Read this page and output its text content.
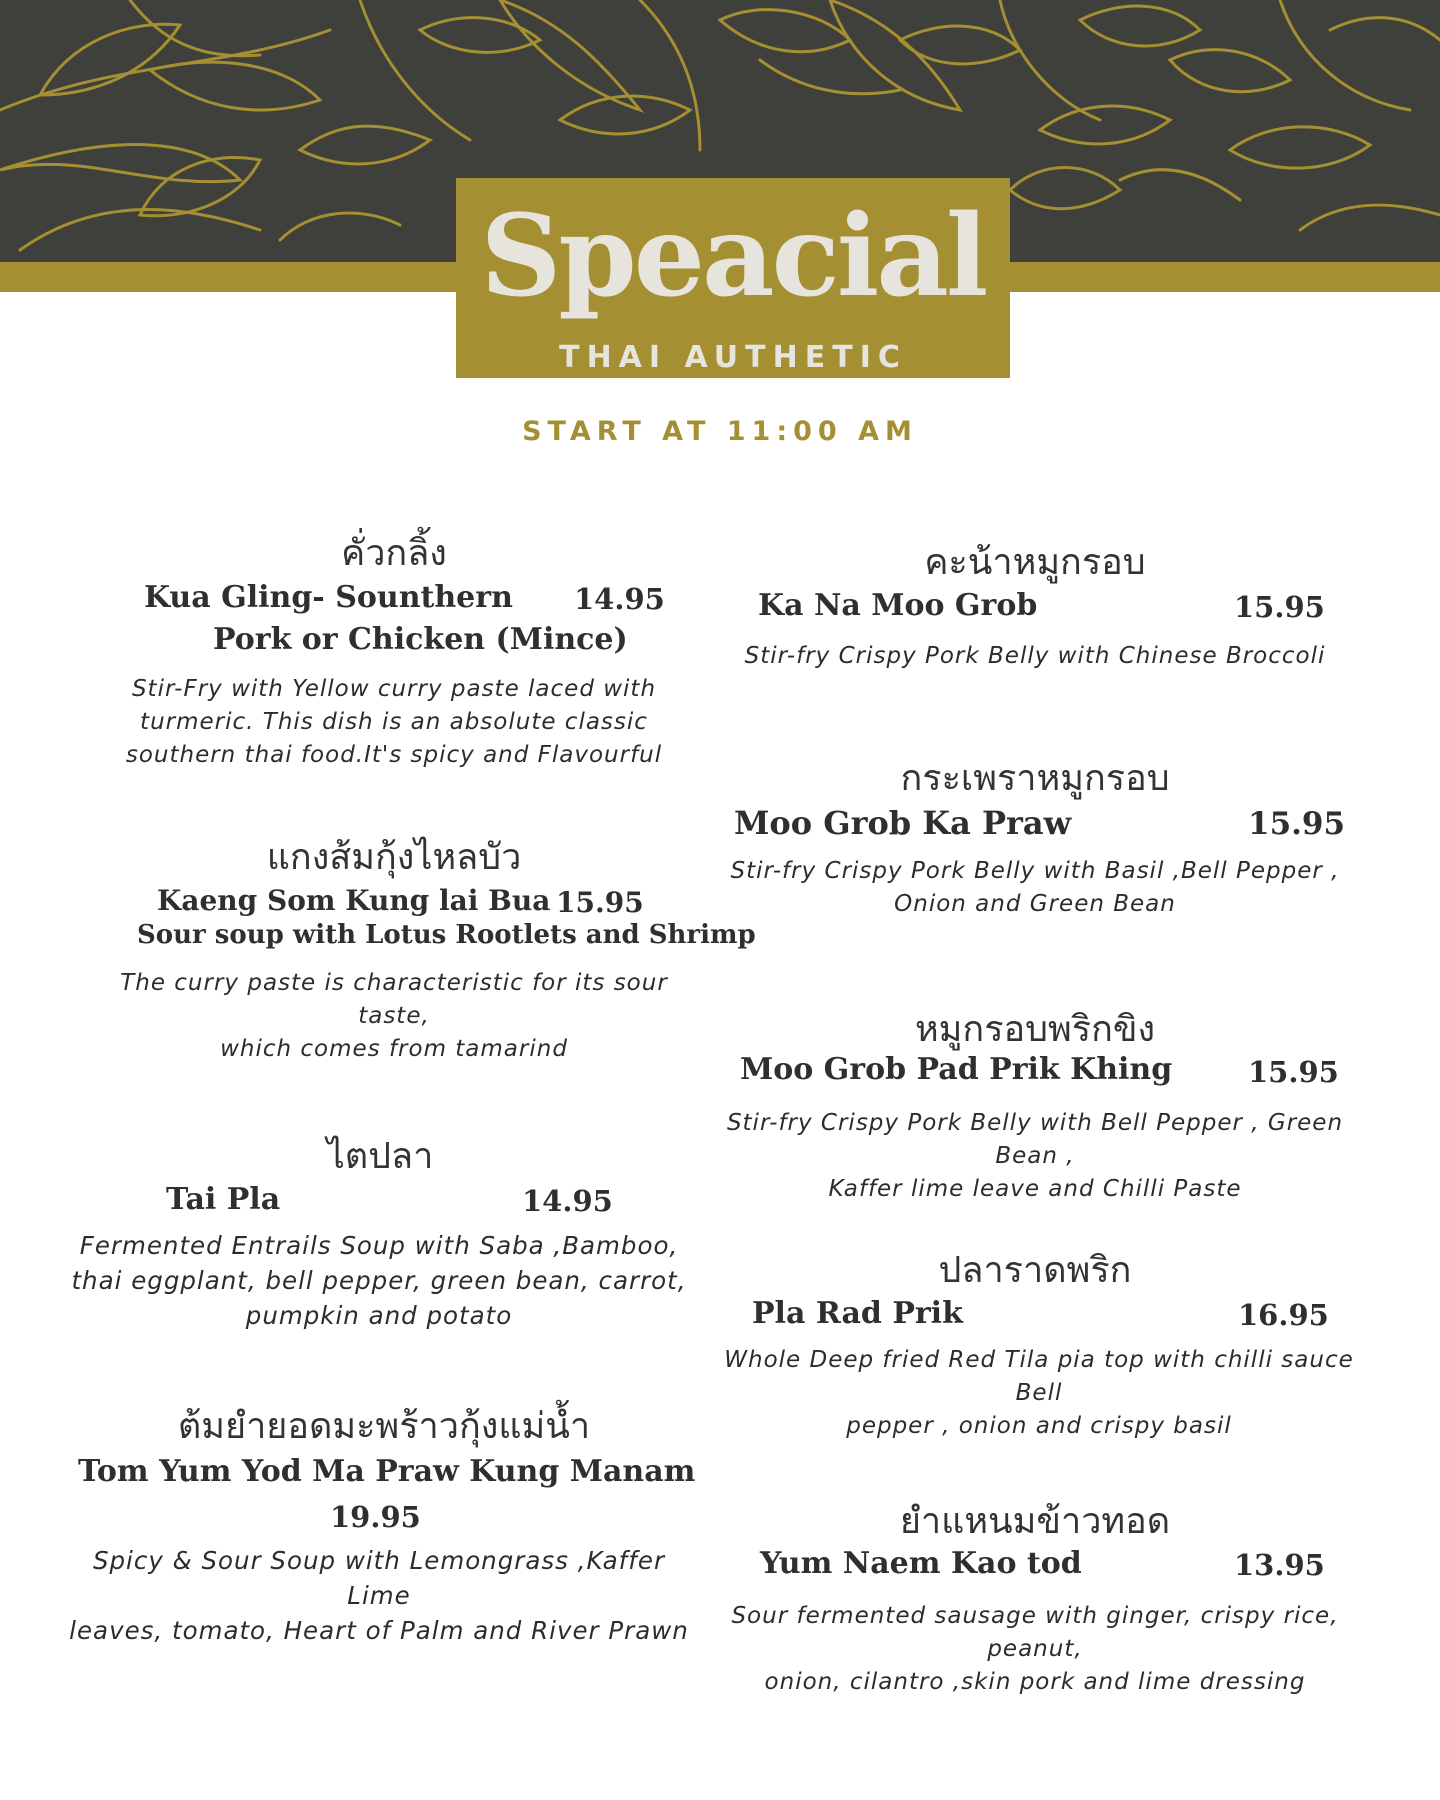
Speacial
THAI AUTHETIC
START AT 11:00 AM
คั่วกลิ้ง
Kua Gling- Sounthern 14.95
Pork or Chicken (Mince)
Stir-Fry with Yellow curry paste laced with
turmeric. This dish is an absolute classic
southern thai food.It's spicy and Flavourful
แกงส้มกุ้งไหลบัว
Kaeng Som Kung lai Bua 15.95
Sour soup with Lotus Rootlets and Shrimp
The curry paste is characteristic for its sour taste,
which comes from tamarind
ไตปลา
Tai Pla	14.95
Fermented Entrails Soup with Saba ,Bamboo,
thai eggplant, bell pepper, green bean, carrot,
pumpkin and potato
ต้มยำยอดมะพร้าวกุ้งแม่น้ำ
Tom Yum Yod Ma Praw Kung Manam
19.95
Spicy & Sour Soup with Lemongrass ,Kaffer Lime
leaves, tomato, Heart of Palm and River Prawn
คะน้าหมูกรอบ
Ka Na Moo Grob	15.95
Stir-fry Crispy Pork Belly with Chinese Broccoli
กระเพราหมูกรอบ
Moo Grob Ka Praw	15.95
Stir-fry Crispy Pork Belly with Basil ,Bell Pepper ,
Onion and Green Bean
หมูกรอบพริกขิง
Moo Grob Pad Prik Khing	15.95
Stir-fry Crispy Pork Belly with Bell Pepper , Green Bean ,
Kaffer lime leave and Chilli Paste
ปลาราดพริก
Pla Rad Prik	16.95
Whole Deep fried Red Tila pia top with chilli sauce Bell
pepper , onion and crispy basil
ยำแหนมข้าวทอด
Yum Naem Kao tod	13.95
Sour fermented sausage with ginger, crispy rice, peanut,
onion, cilantro ,skin pork and lime dressing
